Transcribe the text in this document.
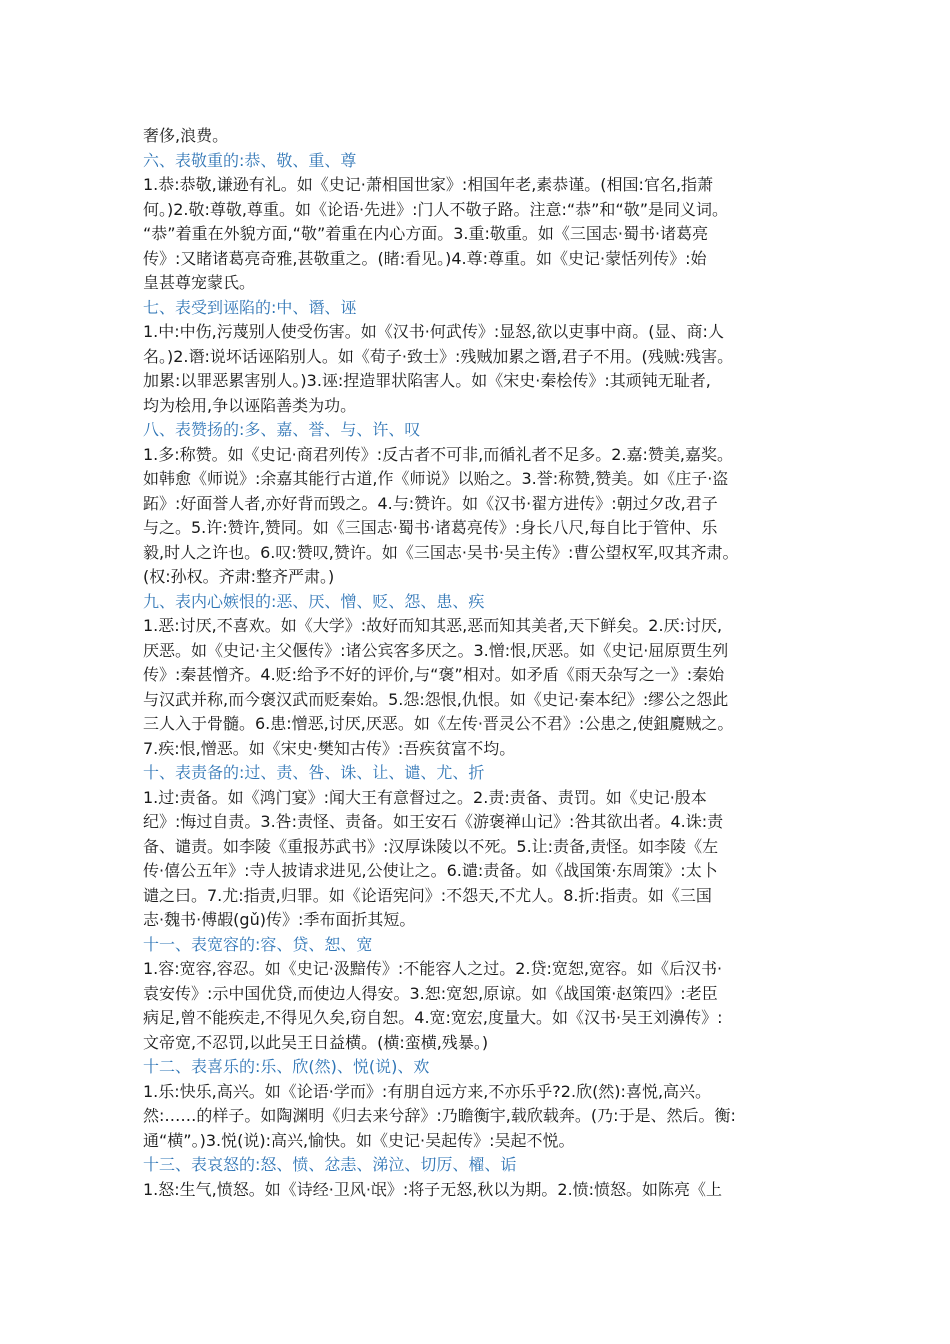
奢侈,浪费。
六、表敬重的:恭、敬、重、尊
1.恭:恭敬,谦逊有礼。如《史记·萧相国世家》:相国年老,素恭谨。(相国:官名,指萧
何。)2.敬:尊敬,尊重。如《论语·先进》:门人不敬子路。注意:“恭”和“敬”是同义词。
“恭”着重在外貌方面,“敬”着重在内心方面。3.重:敬重。如《三国志·蜀书·诸葛亮
传》:又睹诸葛亮奇雅,甚敬重之。(睹:看见。)4.尊:尊重。如《史记·蒙恬列传》:始
皇甚尊宠蒙氏。
七、表受到诬陷的:中、谮、诬
1.中:中伤,污蔑别人使受伤害。如《汉书·何武传》:显怒,欲以吏事中商。(显、商:人
名。)2.谮:说坏话诬陷别人。如《荀子·致士》:残贼加累之谮,君子不用。(残贼:残害。
加累:以罪恶累害别人。)3.诬:捏造罪状陷害人。如《宋史·秦桧传》:其顽钝无耻者,
均为桧用,争以诬陷善类为功。
八、表赞扬的:多、嘉、誉、与、许、叹
1.多:称赞。如《史记·商君列传》:反古者不可非,而循礼者不足多。2.嘉:赞美,嘉奖。
如韩愈《师说》:余嘉其能行古道,作《师说》以贻之。3.誉:称赞,赞美。如《庄子·盗
跖》:好面誉人者,亦好背而毁之。4.与:赞许。如《汉书·翟方进传》:朝过夕改,君子
与之。5.许:赞许,赞同。如《三国志·蜀书·诸葛亮传》:身长八尺,每自比于管仲、乐
毅,时人之许也。6.叹:赞叹,赞许。如《三国志·吴书·吴主传》:曹公望权军,叹其齐肃。
(权:孙权。齐肃:整齐严肃。)
九、表内心嫉恨的:恶、厌、憎、贬、怨、患、疾
1.恶:讨厌,不喜欢。如《大学》:故好而知其恶,恶而知其美者,天下鲜矣。2.厌:讨厌,
厌恶。如《史记·主父偃传》:诸公宾客多厌之。3.憎:恨,厌恶。如《史记·屈原贾生列
传》:秦甚憎齐。4.贬:给予不好的评价,与“褒”相对。如矛盾《雨天杂写之一》:秦始
与汉武并称,而今褒汉武而贬秦始。5.怨:怨恨,仇恨。如《史记·秦本纪》:缪公之怨此
三人入于骨髓。6.患:憎恶,讨厌,厌恶。如《左传·晋灵公不君》:公患之,使鉏麑贼之。
7.疾:恨,憎恶。如《宋史·樊知古传》:吾疾贫富不均。
十、表责备的:过、责、咎、诛、让、谴、尤、折
1.过:责备。如《鸿门宴》:闻大王有意督过之。2.责:责备、责罚。如《史记·殷本
纪》:悔过自责。3.咎:责怪、责备。如王安石《游褒禅山记》:咎其欲出者。4.诛:责
备、谴责。如李陵《重报苏武书》:汉厚诛陵以不死。5.让:责备,责怪。如李陵《左
传·僖公五年》:寺人披请求进见,公使让之。6.谴:责备。如《战国策·东周策》:太卜
谴之曰。7.尤:指责,归罪。如《论语宪问》:不怨天,不尤人。8.折:指责。如《三国
志·魏书·傅嘏(gǔ)传》:季布面折其短。
十一、表宽容的:容、贷、恕、宽
1.容:宽容,容忍。如《史记·汲黯传》:不能容人之过。2.贷:宽恕,宽容。如《后汉书·
袁安传》:示中国优贷,而使边人得安。3.恕:宽恕,原谅。如《战国策·赵策四》:老臣
病足,曾不能疾走,不得见久矣,窃自恕。4.宽:宽宏,度量大。如《汉书·吴王刘濞传》:
文帝宽,不忍罚,以此吴王日益横。(横:蛮横,残暴。)
十二、表喜乐的:乐、欣(然)、悦(说)、欢
1.乐:快乐,高兴。如《论语·学而》:有朋自远方来,不亦乐乎?2.欣(然):喜悦,高兴。
然:……的样子。如陶渊明《归去来兮辞》:乃瞻衡宇,载欣载奔。(乃:于是、然后。衡:
通“横”。)3.悦(说):高兴,愉快。如《史记·吴起传》:吴起不悦。
十三、表哀怒的:怒、愤、忿恚、涕泣、切厉、櫂、诟
1.怒:生气,愤怒。如《诗经·卫风·氓》:将子无怒,秋以为期。2.愤:愤怒。如陈亮《上
